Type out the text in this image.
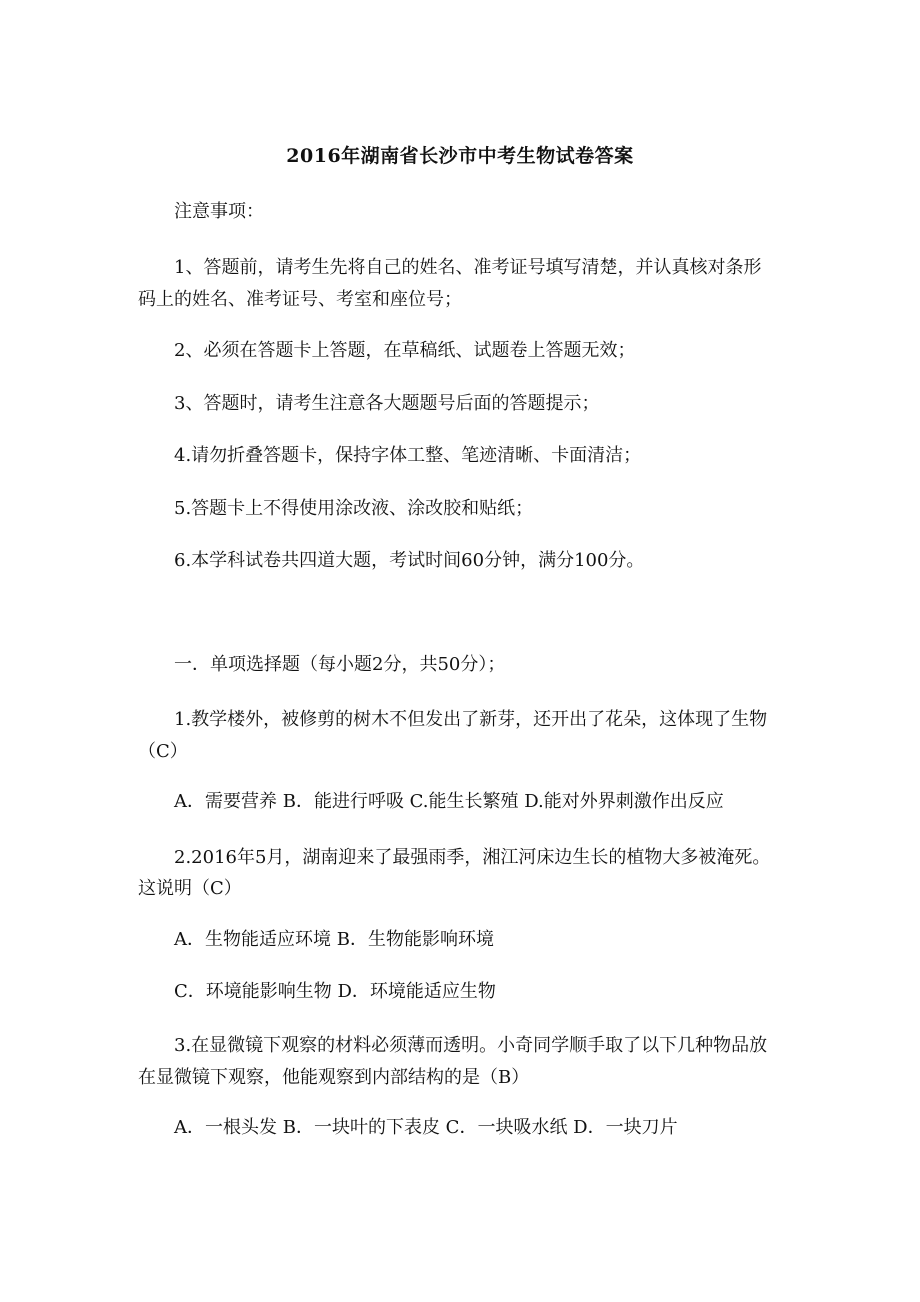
2016年湖南省长沙市中考生物试卷答案
注意事项：
1、答题前，请考生先将自己的姓名、准考证号填写清楚，并认真核对条形
码上的姓名、准考证号、考室和座位号；
2、必须在答题卡上答题，在草稿纸、试题卷上答题无效；
3、答题时，请考生注意各大题题号后面的答题提示；
4.请勿折叠答题卡，保持字体工整、笔迹清晰、卡面清洁；
5.答题卡上不得使用涂改液、涂改胶和贴纸；
6.本学科试卷共四道大题，考试时间60分钟，满分100分。
一．单项选择题（每小题2分，共50分）；
1.教学楼外，被修剪的树木不但发出了新芽，还开出了花朵，这体现了生物
（C）
A．需要营养 B．能进行呼吸 C.能生长繁殖 D.能对外界刺激作出反应
2.2016年5月，湖南迎来了最强雨季，湘江河床边生长的植物大多被淹死。
这说明（C）
A．生物能适应环境 B．生物能影响环境
C．环境能影响生物 D．环境能适应生物
3.在显微镜下观察的材料必须薄而透明。小奇同学顺手取了以下几种物品放
在显微镜下观察，他能观察到内部结构的是（B）
A．一根头发 B．一块叶的下表皮 C．一块吸水纸 D．一块刀片
